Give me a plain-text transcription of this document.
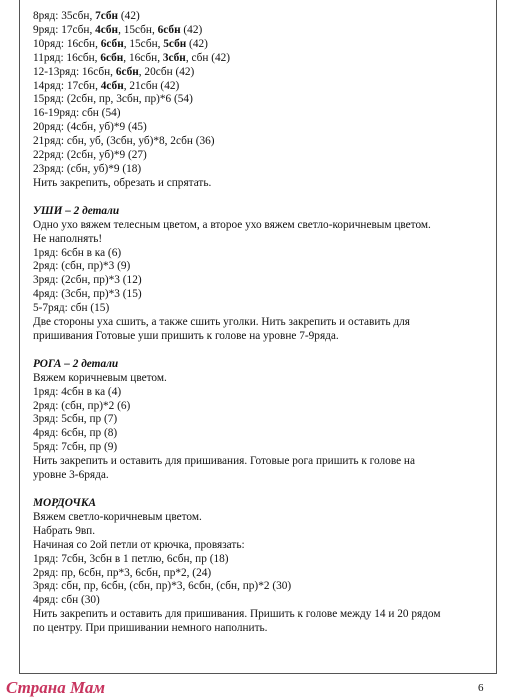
8ряд: 35сбн, 7сбн (42)
9ряд: 17сбн, 4сбн, 15сбн, 6сбн (42)
10ряд: 16сбн, 6сбн, 15сбн, 5сбн (42)
11ряд: 16сбн, 6сбн, 16сбн, 3сбн, сбн (42)
12-13ряд: 16сбн, 6сбн, 20сбн (42)
14ряд: 17сбн, 4сбн, 21сбн (42)
15ряд: (2сбн, пр, 3сбн, пр)*6 (54)
16-19ряд: сбн (54)
20ряд: (4сбн, уб)*9 (45)
21ряд: сбн, уб, (3сбн, уб)*8, 2сбн (36)
22ряд: (2сбн, уб)*9 (27)
23ряд: (сбн, уб)*9 (18)
Нить закрепить, обрезать и спрятать.
УШИ – 2 детали
Одно ухо вяжем телесным цветом, а второе ухо вяжем светло-коричневым цветом.
Не наполнять!
1ряд: 6сбн в ка (6)
2ряд: (сбн, пр)*3 (9)
3ряд: (2сбн, пр)*3 (12)
4ряд: (3сбн, пр)*3 (15)
5-7ряд: сбн (15)
Две стороны уха сшить, а также сшить уголки. Нить закрепить и оставить для
пришивания Готовые уши пришить к голове на уровне 7-9ряда.
РОГА – 2 детали
Вяжем коричневым цветом.
1ряд: 4сбн в ка (4)
2ряд: (сбн, пр)*2 (6)
3ряд: 5сбн, пр (7)
4ряд: 6сбн, пр (8)
5ряд: 7сбн, пр (9)
Нить закрепить и оставить для пришивания. Готовые рога пришить к голове на
уровне 3-6ряда.
МОРДОЧКА
Вяжем светло-коричневым цветом.
Набрать 9вп.
Начиная со 2ой петли от крючка, провязать:
1ряд: 7сбн, 3сбн в 1 петлю, 6сбн, пр (18)
2ряд: пр, 6сбн, пр*3, 6сбн, пр*2, (24)
3ряд: сбн, пр, 6сбн, (сбн, пр)*3, 6сбн, (сбн, пр)*2 (30)
4ряд: сбн (30)
Нить закрепить и оставить для пришивания. Пришить к голове между 14 и 20 рядом
по центру. При пришивании немного наполнить.
Страна Мам	6
